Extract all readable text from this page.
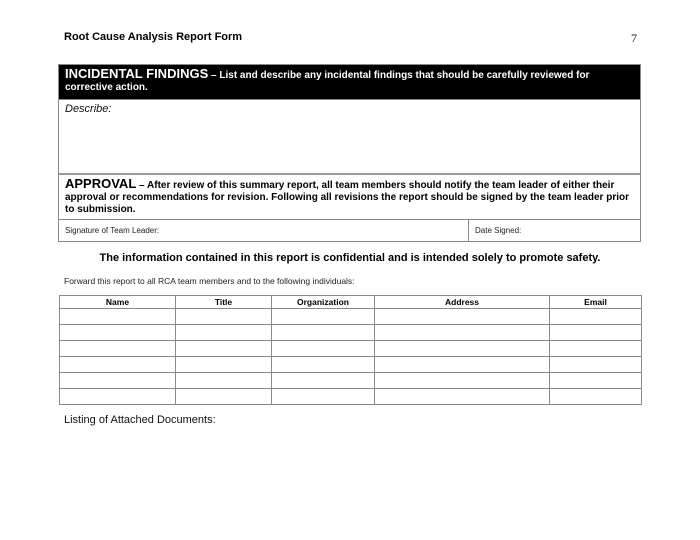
Root Cause Analysis Report Form	7
INCIDENTAL FINDINGS – List and describe any incidental findings that should be carefully reviewed for corrective action.
Describe:
APPROVAL – After review of this summary report, all team members should notify the team leader of either their approval or recommendations for revision. Following all revisions the report should be signed by the team leader prior to submission.
Signature of Team Leader:	Date Signed:
The information contained in this report is confidential and is intended solely to promote safety.
Forward this report to all RCA team members and to the following individuals:
Name	Title	Organization	Address	Email

Listing of Attached Documents:
